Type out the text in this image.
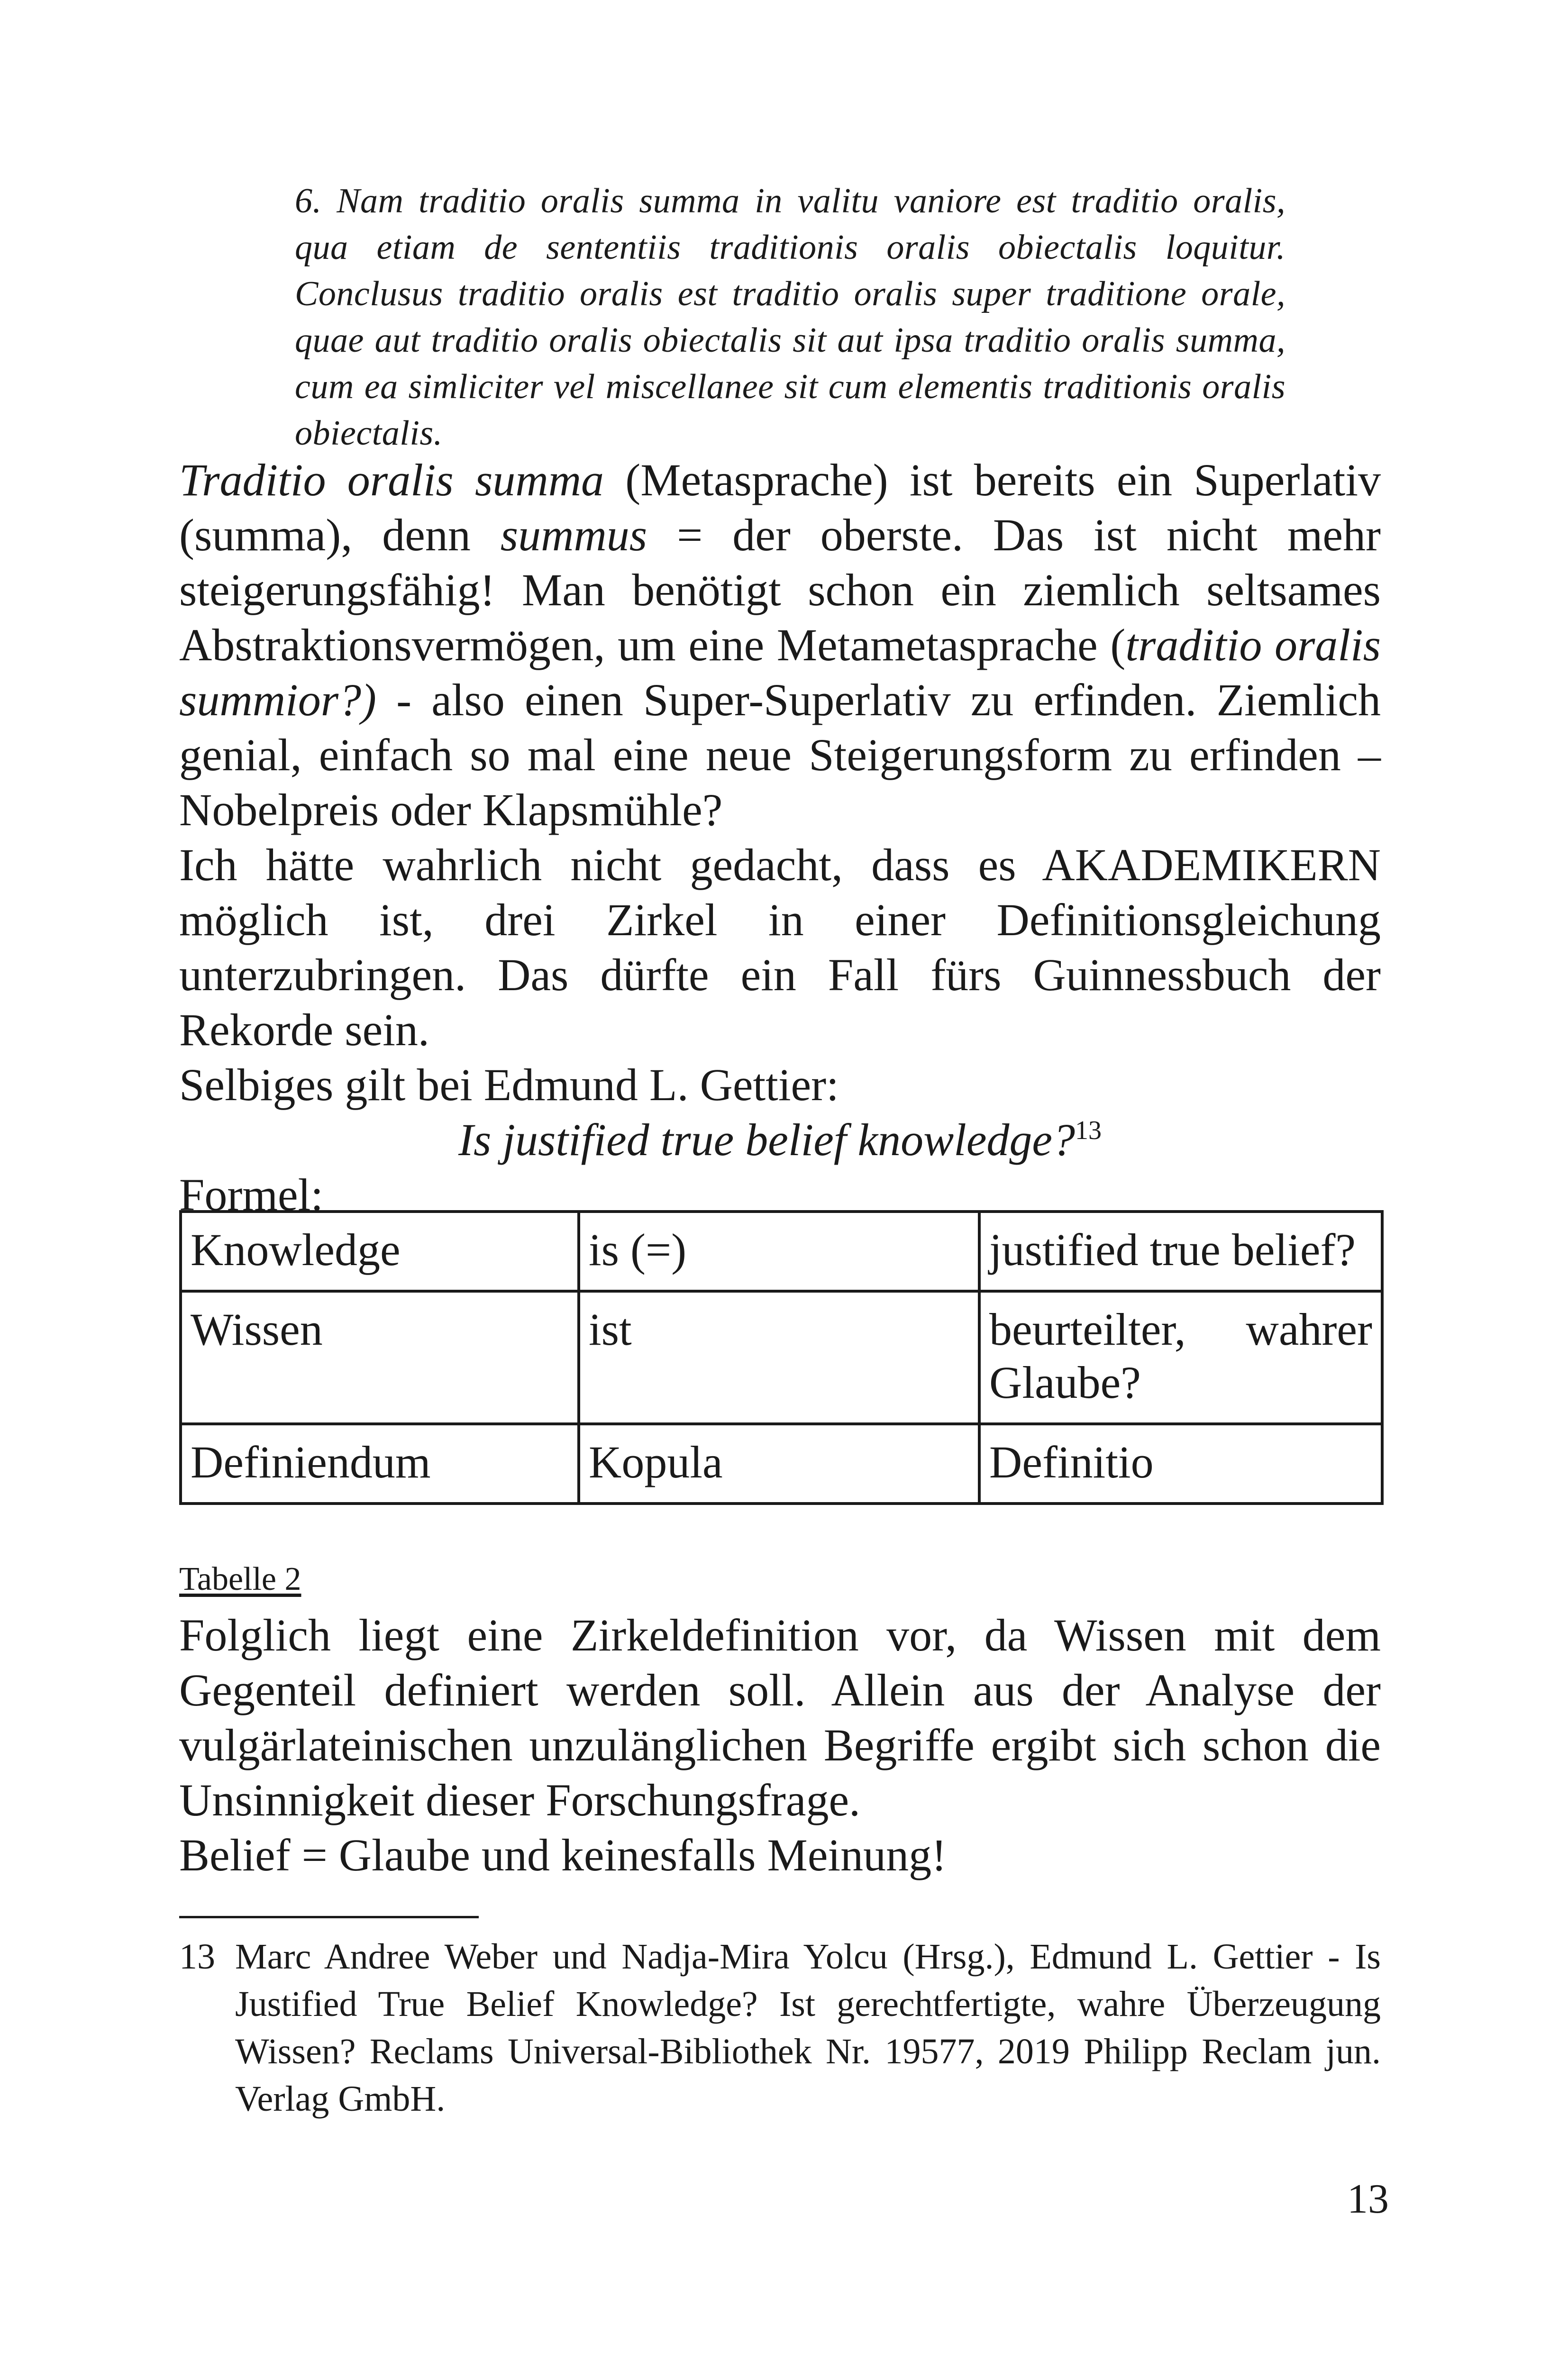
6. Nam traditio oralis summa in valitu vaniore est traditio oralis, qua etiam de sententiis traditionis oralis obiectalis loquitur. Conclusus traditio oralis est traditio oralis super traditione orale, quae aut traditio oralis obiectalis sit aut ipsa traditio oralis summa, cum ea simliciter vel miscellanee sit cum elementis traditionis oralis obiectalis.

Traditio oralis summa (Metasprache) ist bereits ein Superlativ (summa), denn summus = der oberste. Das ist nicht mehr steigerungsfähig! Man benötigt schon ein ziemlich seltsames Abstraktionsvermögen, um eine Metametasprache (traditio oralis summior?) - also einen Super-Superlativ zu erfinden. Ziemlich genial, einfach so mal eine neue Steigerungsform zu erfinden – Nobelpreis oder Klapsmühle?

Ich hätte wahrlich nicht gedacht, dass es AKADEMIKERN möglich ist, drei Zirkel in einer Definitionsgleichung unterzubringen. Das dürfte ein Fall fürs Guinnessbuch der Rekorde sein.

Selbiges gilt bei Edmund L. Gettier:

Is justified true belief knowledge?$^{13}$

Formel:

Knowledge	is (=)	justified true belief?
Wissen	ist	beurteilter, wahrer Glaube?
Definiendum	Kopula	Definitio
Tabelle 2

Folglich liegt eine Zirkeldefinition vor, da Wissen mit dem Gegenteil definiert werden soll. Allein aus der Analyse der vulgärlateinischen unzulänglichen Begriffe ergibt sich schon die Unsinnigkeit dieser Forschungsfrage.

Belief = Glaube und keinesfalls Meinung!

13 Marc Andree Weber und Nadja-Mira Yolcu (Hrsg.), Edmund L. Gettier - Is Justified True Belief Knowledge? Ist gerechtfertigte, wahre Überzeugung Wissen? Reclams Universal-Bibliothek Nr. 19577, 2019 Philipp Reclam jun. Verlag GmbH.
13
